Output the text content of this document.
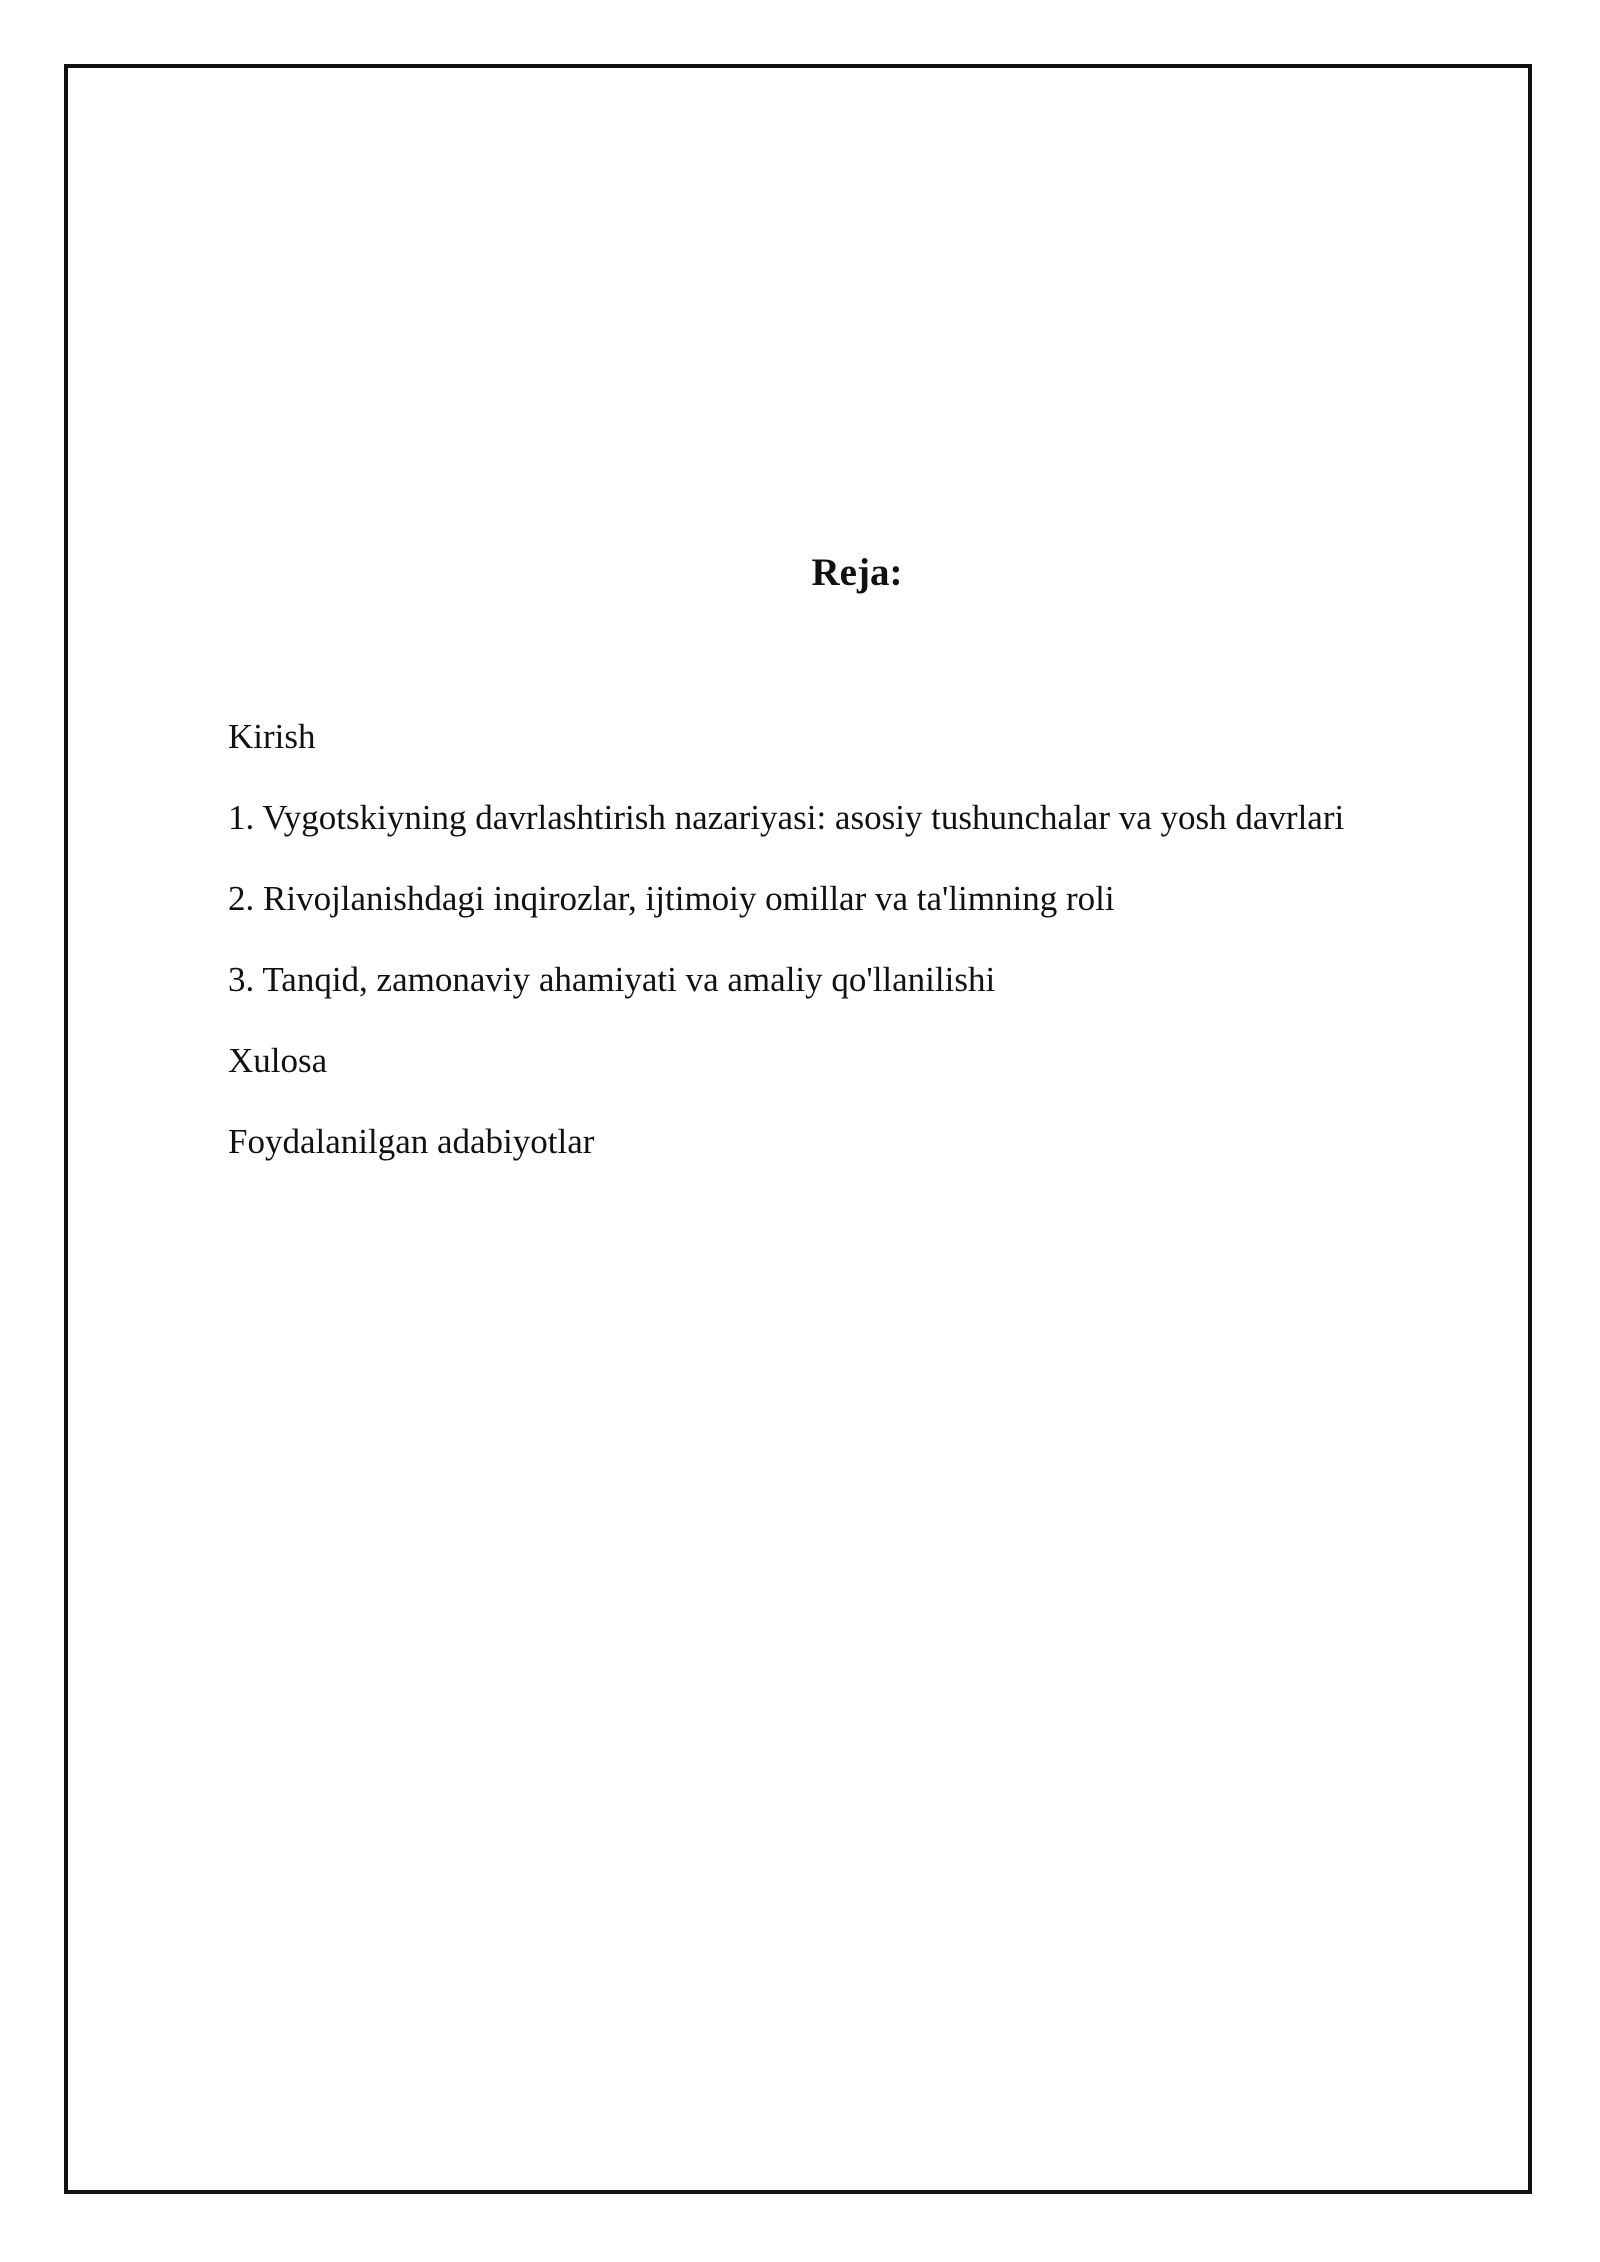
Reja:
Kirish
1. Vygotskiyning davrlashtirish nazariyasi: asosiy tushunchalar va yosh davrlari
2. Rivojlanishdagi inqirozlar, ijtimoiy omillar va ta'limning roli
3. Tanqid, zamonaviy ahamiyati va amaliy qo'llanilishi
Xulosa
Foydalanilgan adabiyotlar
